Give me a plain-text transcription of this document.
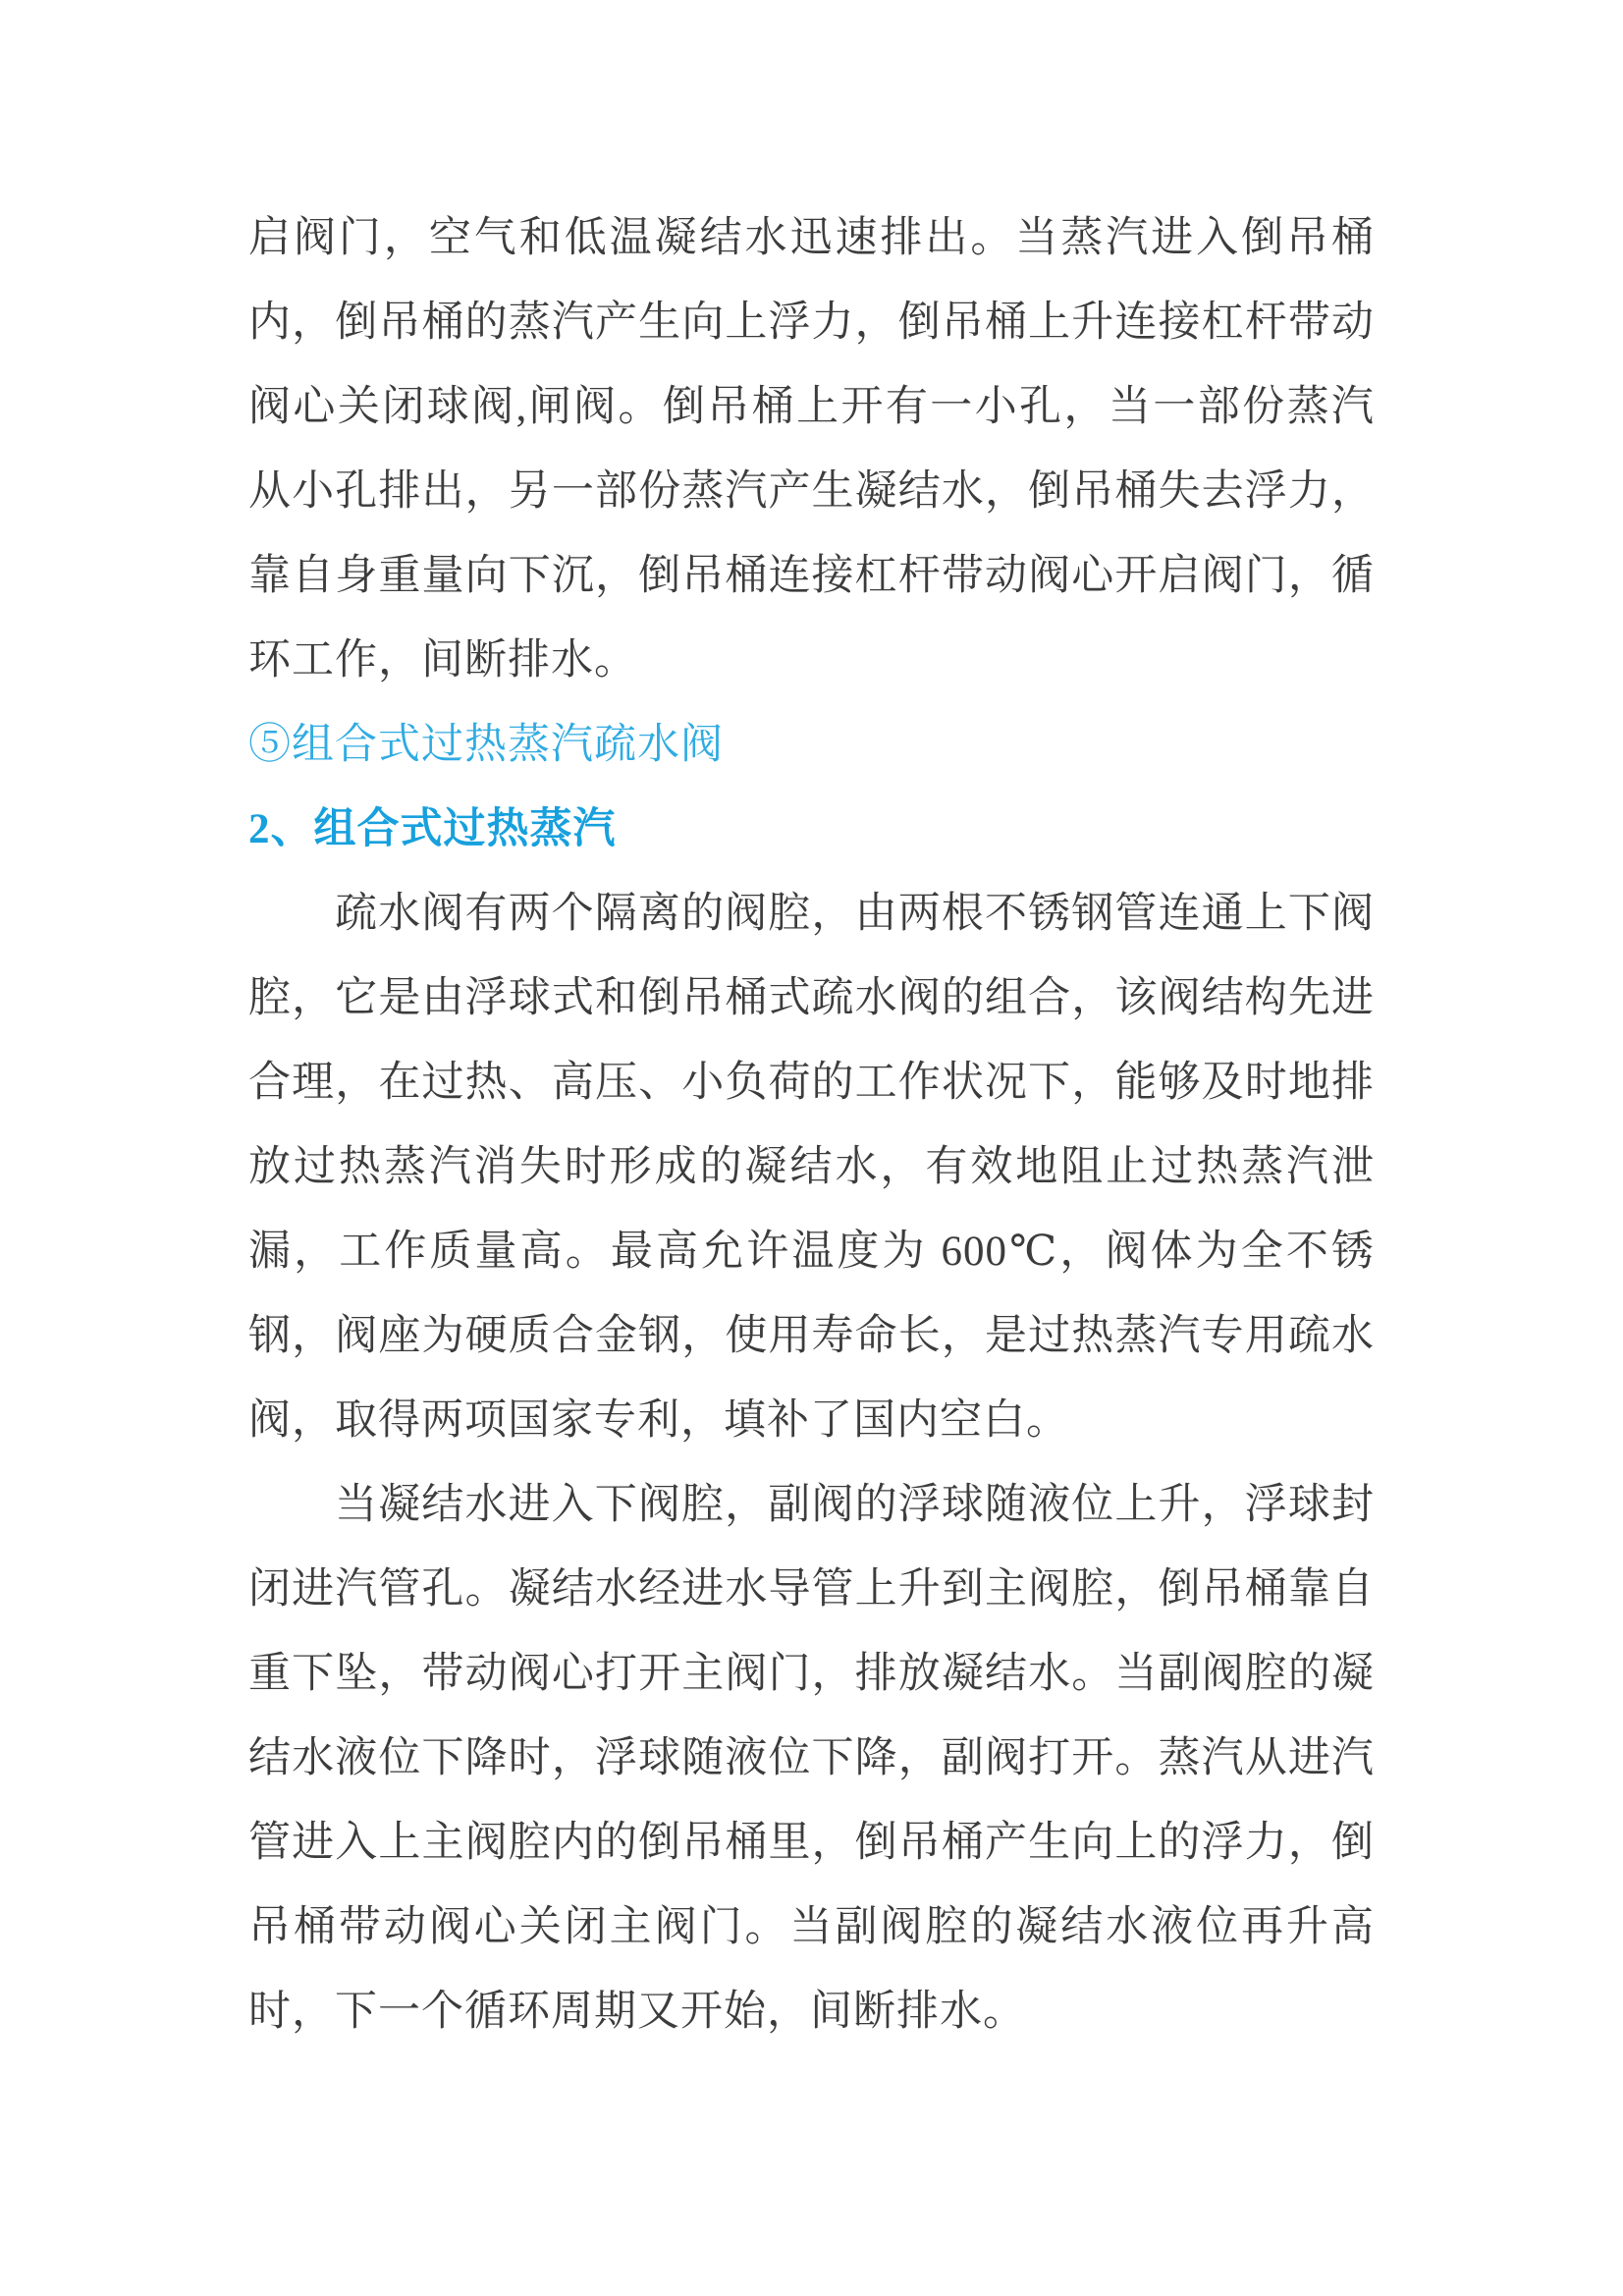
启阀门，空气和低温凝结水迅速排出。当蒸汽进入倒吊桶内，倒吊桶的蒸汽产生向上浮力，倒吊桶上升连接杠杆带动阀心关闭球阀,闸阀。倒吊桶上开有一小孔，当一部份蒸汽从小孔排出，另一部份蒸汽产生凝结水，倒吊桶失去浮力，靠自身重量向下沉，倒吊桶连接杠杆带动阀心开启阀门，循环工作，间断排水。

⑤组合式过热蒸汽疏水阀

2、组合式过热蒸汽

疏水阀有两个隔离的阀腔，由两根不锈钢管连通上下阀腔，它是由浮球式和倒吊桶式疏水阀的组合，该阀结构先进合理，在过热、高压、小负荷的工作状况下，能够及时地排放过热蒸汽消失时形成的凝结水，有效地阻止过热蒸汽泄漏，工作质量高。最高允许温度为 600℃，阀体为全不锈钢，阀座为硬质合金钢，使用寿命长，是过热蒸汽专用疏水阀，取得两项国家专利，填补了国内空白。

当凝结水进入下阀腔，副阀的浮球随液位上升，浮球封闭进汽管孔。凝结水经进水导管上升到主阀腔，倒吊桶靠自重下坠，带动阀心打开主阀门，排放凝结水。当副阀腔的凝结水液位下降时，浮球随液位下降，副阀打开。蒸汽从进汽管进入上主阀腔内的倒吊桶里，倒吊桶产生向上的浮力，倒吊桶带动阀心关闭主阀门。当副阀腔的凝结水液位再升高时，下一个循环周期又开始，间断排水。
